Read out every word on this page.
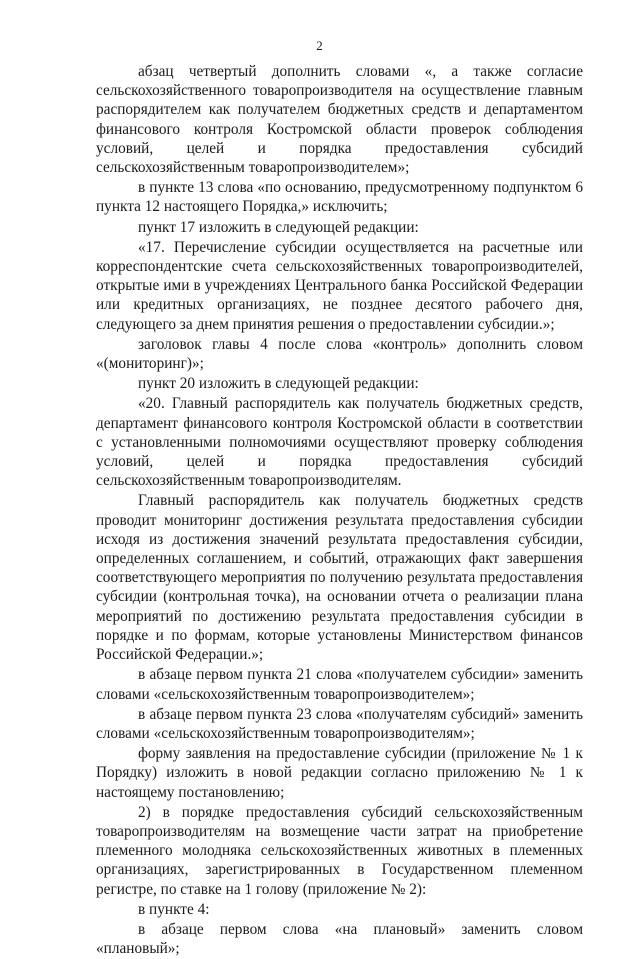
2

абзац четвертый дополнить словами «, а также согласие сельскохозяйственного товаропроизводителя на осуществление главным распорядителем как получателем бюджетных средств и департаментом финансового контроля Костромской области проверок соблюдения условий, целей и порядка предоставления субсидий сельскохозяйственным товаропроизводителем»;

в пункте 13 слова «по основанию, предусмотренному подпунктом 6 пункта 12 настоящего Порядка,» исключить;

пункт 17 изложить в следующей редакции:

«17. Перечисление субсидии осуществляется на расчетные или корреспондентские счета сельскохозяйственных товаропроизводителей, открытые ими в учреждениях Центрального банка Российской Федерации или кредитных организациях, не позднее десятого рабочего дня, следующего за днем принятия решения о предоставлении субсидии.»;

заголовок главы 4 после слова «контроль» дополнить словом «(мониторинг)»;

пункт 20 изложить в следующей редакции:

«20. Главный распорядитель как получатель бюджетных средств, департамент финансового контроля Костромской области в соответствии с установленными полномочиями осуществляют проверку соблюдения условий, целей и порядка предоставления субсидий сельскохозяйственным товаропроизводителям.

Главный распорядитель как получатель бюджетных средств проводит мониторинг достижения результата предоставления субсидии исходя из достижения значений результата предоставления субсидии, определенных соглашением, и событий, отражающих факт завершения соответствующего мероприятия по получению результата предоставления субсидии (контрольная точка), на основании отчета о реализации плана мероприятий по достижению результата предоставления субсидии в порядке и по формам, которые установлены Министерством финансов Российской Федерации.»;

в абзаце первом пункта 21 слова «получателем субсидии» заменить словами «сельскохозяйственным товаропроизводителем»;

в абзаце первом пункта 23 слова «получателям субсидий» заменить словами «сельскохозяйственным товаропроизводителям»;

форму заявления на предоставление субсидии (приложение № 1 к Порядку) изложить в новой редакции согласно приложению № 1 к настоящему постановлению;

2) в порядке предоставления субсидий сельскохозяйственным товаропроизводителям на возмещение части затрат на приобретение племенного молодняка сельскохозяйственных животных в племенных организациях, зарегистрированных в Государственном племенном регистре, по ставке на 1 голову (приложение № 2):

в пункте 4:

в абзаце первом слова «на плановый» заменить словом «плановый»;
